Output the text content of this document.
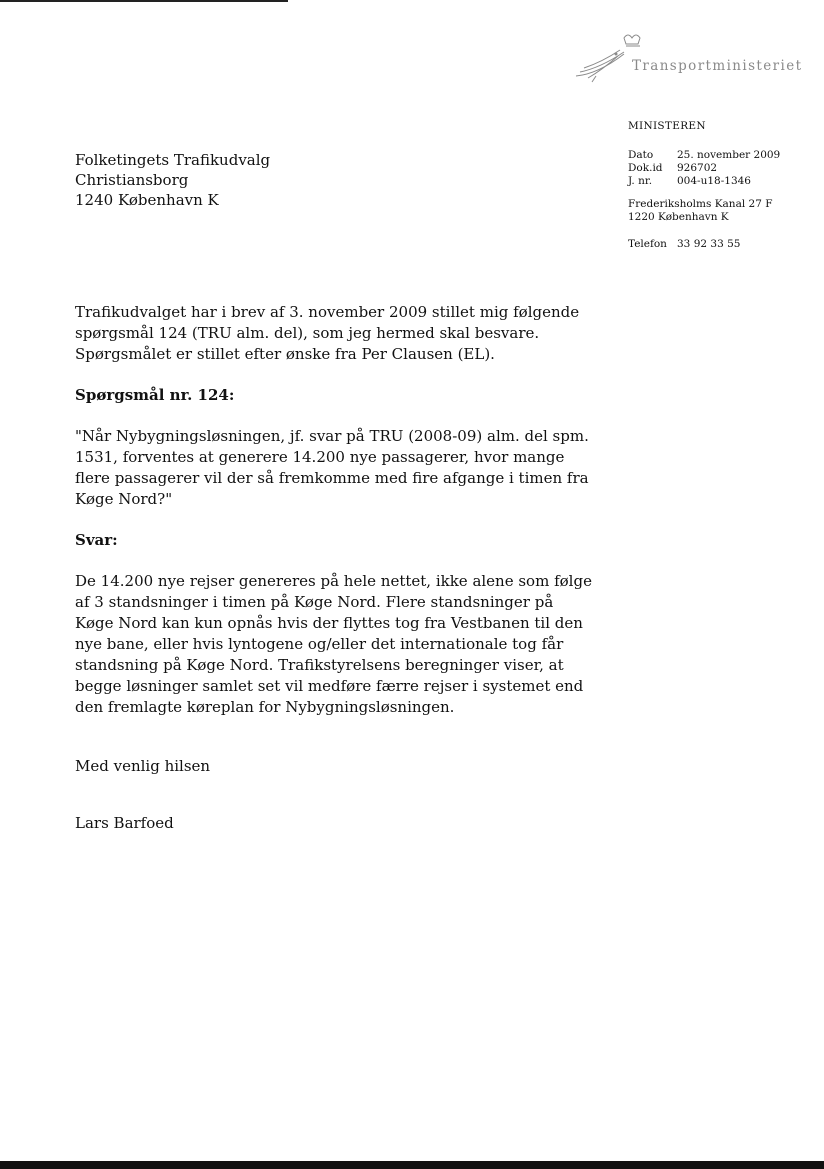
Transportministeriet
MINISTEREN
Dato	25. november 2009
Dok.id	926702
J. nr.	004-u18-1346
Frederiksholms Kanal 27 F
1220 København K
Telefon 33 92 33 55
Folketingets Trafikudvalg
Christiansborg
1240 København K

Trafikudvalget har i brev af 3. november 2009 stillet mig følgende spørgsmål 124 (TRU alm. del), som jeg hermed skal besvare. Spørgsmålet er stillet efter ønske fra Per Clausen (EL).

Spørgsmål nr. 124:

"Når Nybygningsløsningen, jf. svar på TRU (2008-09) alm. del spm. 1531, forventes at generere 14.200 nye passagerer, hvor mange flere passagerer vil der så fremkomme med fire afgange i timen fra Køge Nord?"

Svar:

De 14.200 nye rejser genereres på hele nettet, ikke alene som følge af 3 standsninger i timen på Køge Nord. Flere standsninger på Køge Nord kan kun opnås hvis der flyttes tog fra Vestbanen til den nye bane, eller hvis lyntogene og/eller det internationale tog får standsning på Køge Nord. Trafikstyrelsens beregninger viser, at begge løsninger samlet set vil medføre færre rejser i systemet end den fremlagte køreplan for Nybygningsløsningen.

Med venlig hilsen

Lars Barfoed
